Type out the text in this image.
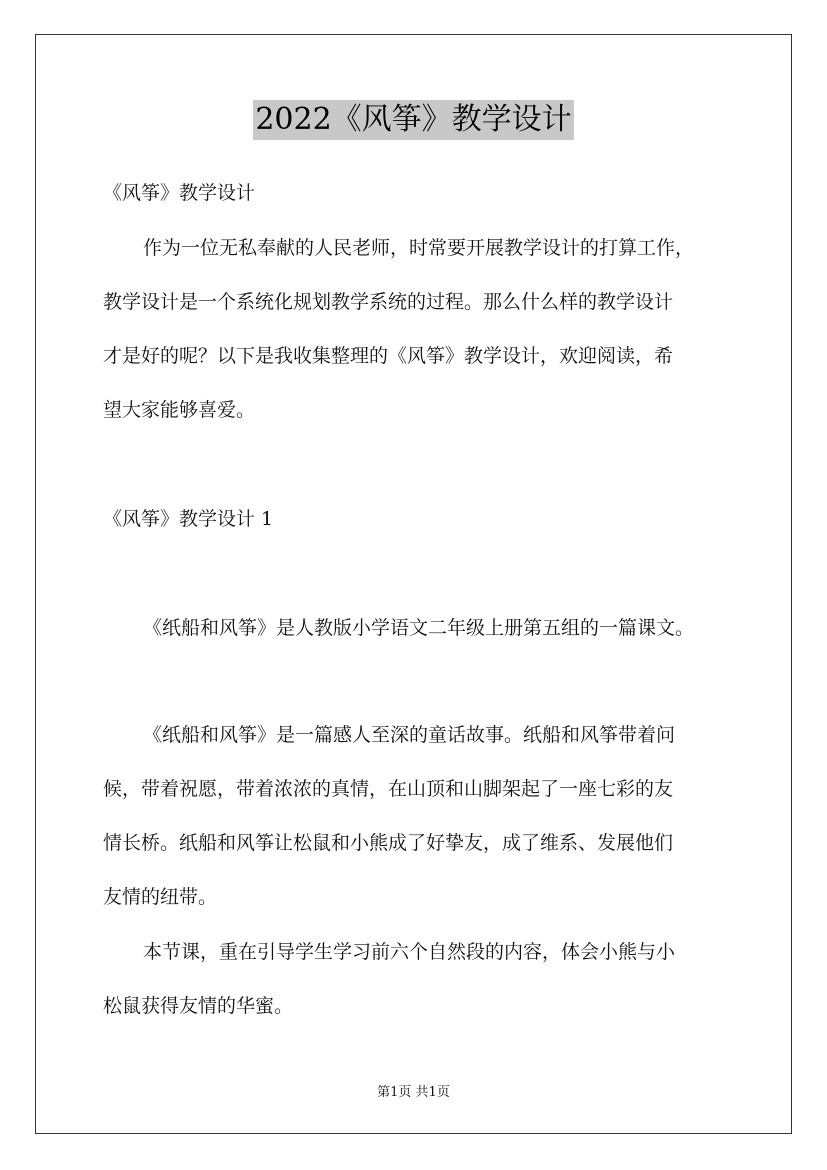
2022《风筝》教学设计
《风筝》教学设计
作为一位无私奉献的人民老师，时常要开展教学设计的打算工作，
教学设计是一个系统化规划教学系统的过程。那么什么样的教学设计
才是好的呢？以下是我收集整理的《风筝》教学设计，欢迎阅读，希
望大家能够喜爱。
《风筝》教学设计 1
《纸船和风筝》是人教版小学语文二年级上册第五组的一篇课文。
《纸船和风筝》是一篇感人至深的童话故事。纸船和风筝带着问
候，带着祝愿，带着浓浓的真情，在山顶和山脚架起了一座七彩的友
情长桥。纸船和风筝让松鼠和小熊成了好挚友，成了维系、发展他们
友情的纽带。
本节课，重在引导学生学习前六个自然段的内容，体会小熊与小
松鼠获得友情的华蜜。
第1页 共1页
